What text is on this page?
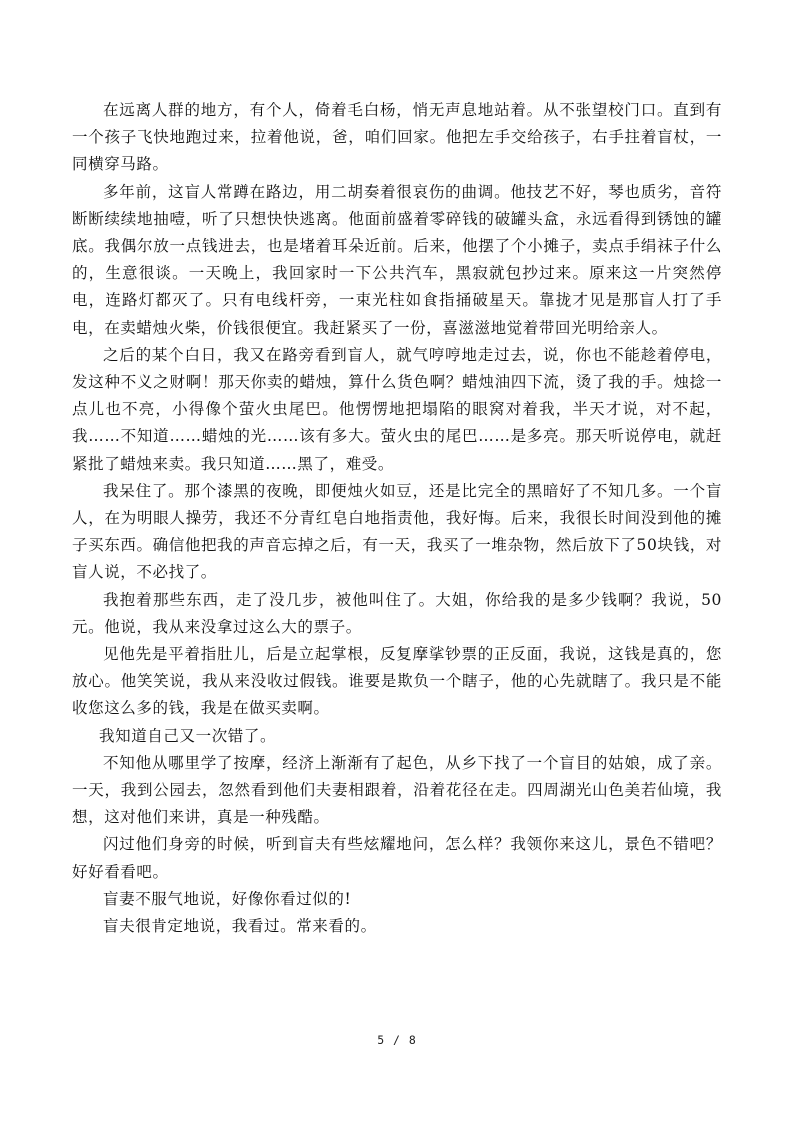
在远离人群的地方，有个人，倚着毛白杨，悄无声息地站着。从不张望校门口。直到有一个孩子飞快地跑过来，拉着他说，爸，咱们回家。他把左手交给孩子，右手拄着盲杖，一同横穿马路。

多年前，这盲人常蹲在路边，用二胡奏着很哀伤的曲调。他技艺不好，琴也质劣，音符断断续续地抽噎，听了只想快快逃离。他面前盛着零碎钱的破罐头盒，永远看得到锈蚀的罐底。我偶尔放一点钱进去，也是堵着耳朵近前。后来，他摆了个小摊子，卖点手绢袜子什么的，生意很谈。一天晚上，我回家时一下公共汽车，黑寂就包抄过来。原来这一片突然停电，连路灯都灭了。只有电线杆旁，一束光柱如食指捅破星天。靠拢才见是那盲人打了手电，在卖蜡烛火柴，价钱很便宜。我赶紧买了一份，喜滋滋地觉着带回光明给亲人。

之后的某个白日，我又在路旁看到盲人，就气哼哼地走过去，说，你也不能趁着停电，发这种不义之财啊！那天你卖的蜡烛，算什么货色啊？蜡烛油四下流，烫了我的手。烛捻一点儿也不亮，小得像个萤火虫尾巴。他愣愣地把塌陷的眼窝对着我，半天才说，对不起，我……不知道……蜡烛的光……该有多大。萤火虫的尾巴……是多亮。那天听说停电，就赶紧批了蜡烛来卖。我只知道……黑了，难受。

我呆住了。那个漆黑的夜晚，即便烛火如豆，还是比完全的黑暗好了不知几多。一个盲人，在为明眼人操劳，我还不分青红皂白地指责他，我好悔。后来，我很长时间没到他的摊子买东西。确信他把我的声音忘掉之后，有一天，我买了一堆杂物，然后放下了50块钱，对盲人说，不必找了。

我抱着那些东西，走了没几步，被他叫住了。大姐，你给我的是多少钱啊？我说，50元。他说，我从来没拿过这么大的票子。

见他先是平着指肚儿，后是立起掌根，反复摩挲钞票的正反面，我说，这钱是真的，您放心。他笑笑说，我从来没收过假钱。谁要是欺负一个瞎子，他的心先就瞎了。我只是不能收您这么多的钱，我是在做买卖啊。

我知道自己又一次错了。

不知他从哪里学了按摩，经济上渐渐有了起色，从乡下找了一个盲目的姑娘，成了亲。一天，我到公园去，忽然看到他们夫妻相跟着，沿着花径在走。四周湖光山色美若仙境，我想，这对他们来讲，真是一种残酷。

闪过他们身旁的时候，听到盲夫有些炫耀地问，怎么样？我领你来这儿，景色不错吧？好好看看吧。

盲妻不服气地说，好像你看过似的!

盲夫很肯定地说，我看过。常来看的。

5 / 8
